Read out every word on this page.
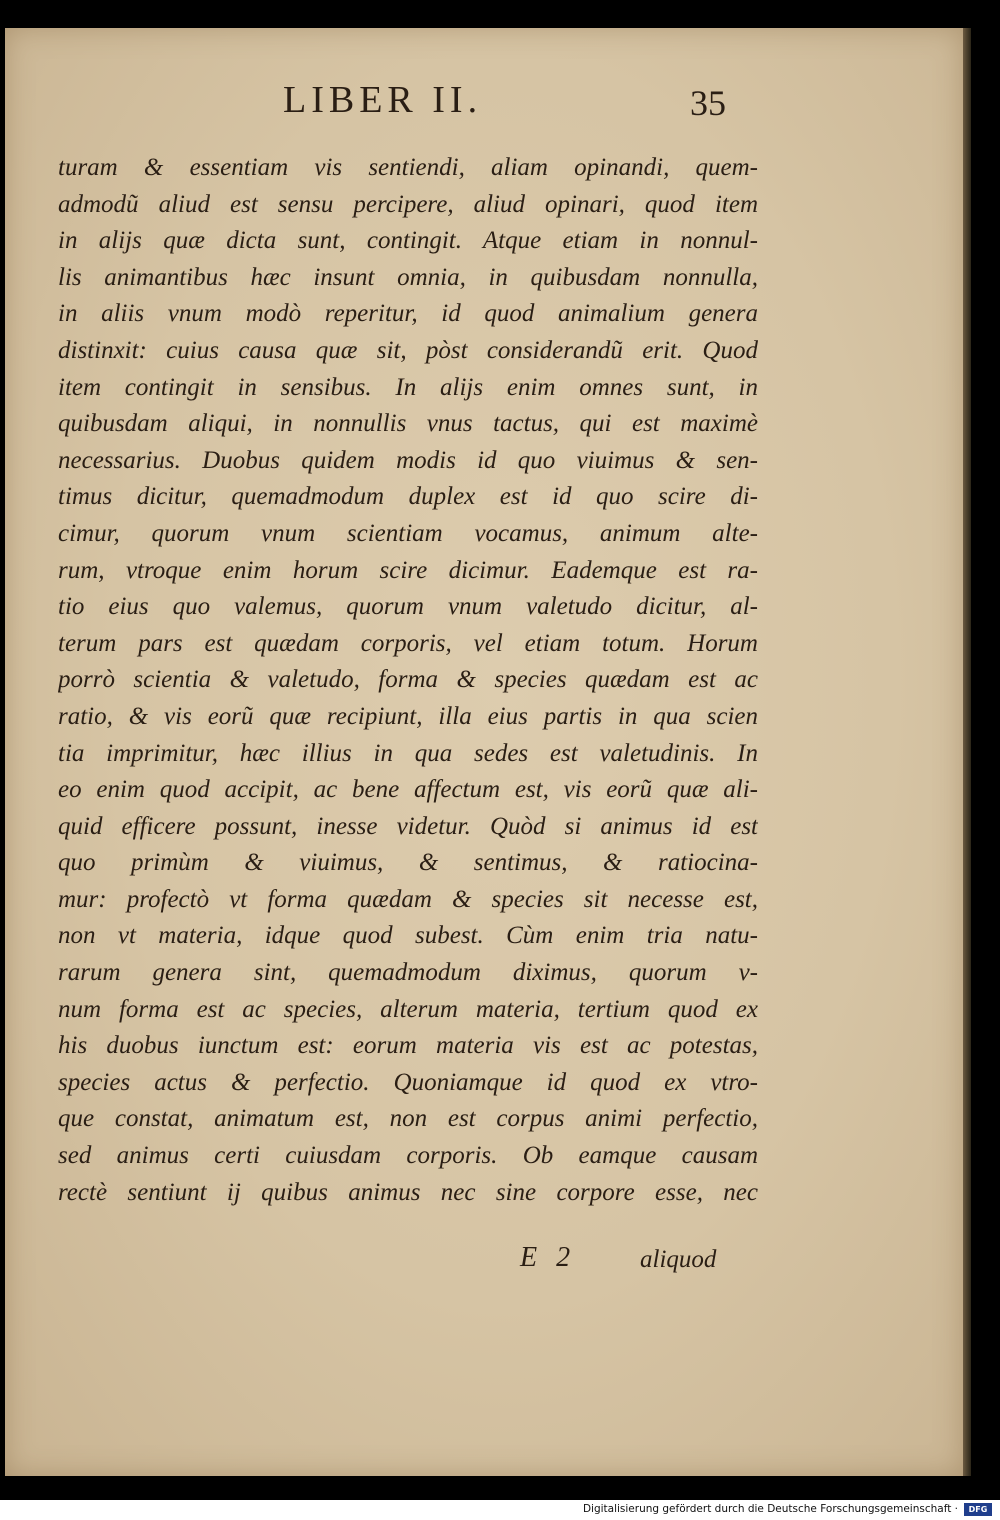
LIBER II.	35
turam & essentiam vis sentiendi, aliam opinandi, quem-
admodũ aliud est sensu percipere, aliud opinari, quod item
in alijs quæ dicta sunt, contingit. Atque etiam in nonnul-
lis animantibus hæc insunt omnia, in quibusdam nonnulla,
in aliis vnum modò reperitur, id quod animalium genera
distinxit: cuius causa quæ sit, pòst considerandũ erit. Quod
item contingit in sensibus. In alijs enim omnes sunt, in
quibusdam aliqui, in nonnullis vnus tactus, qui est maximè
necessarius. Duobus quidem modis id quo viuimus & sen-
timus dicitur, quemadmodum duplex est id quo scire di-
cimur, quorum vnum scientiam vocamus, animum alte-
rum, vtroque enim horum scire dicimur. Eademque est ra-
tio eius quo valemus, quorum vnum valetudo dicitur, al-
terum pars est quædam corporis, vel etiam totum. Horum
porrò scientia & valetudo, forma & species quædam est ac
ratio, & vis eorũ quæ recipiunt, illa eius partis in qua scien
tia imprimitur, hæc illius in qua sedes est valetudinis. In
eo enim quod accipit, ac bene affectum est, vis eorũ quæ ali-
quid efficere possunt, inesse videtur. Quòd si animus id est
quo primùm & viuimus, & sentimus, & ratiocina-
mur: profectò vt forma quædam & species sit necesse est,
non vt materia, idque quod subest. Cùm enim tria natu-
rarum genera sint, quemadmodum diximus, quorum v-
num forma est ac species, alterum materia, tertium quod ex
his duobus iunctum est: eorum materia vis est ac potestas,
species actus & perfectio. Quoniamque id quod ex vtro-
que constat, animatum est, non est corpus animi perfectio,
sed animus certi cuiusdam corporis. Ob eamque causam
rectè sentiunt ij quibus animus nec sine corpore esse, nec
E 2	aliquod
Digitalisierung gefördert durch die Deutsche Forschungsgemeinschaft ·	DFG
